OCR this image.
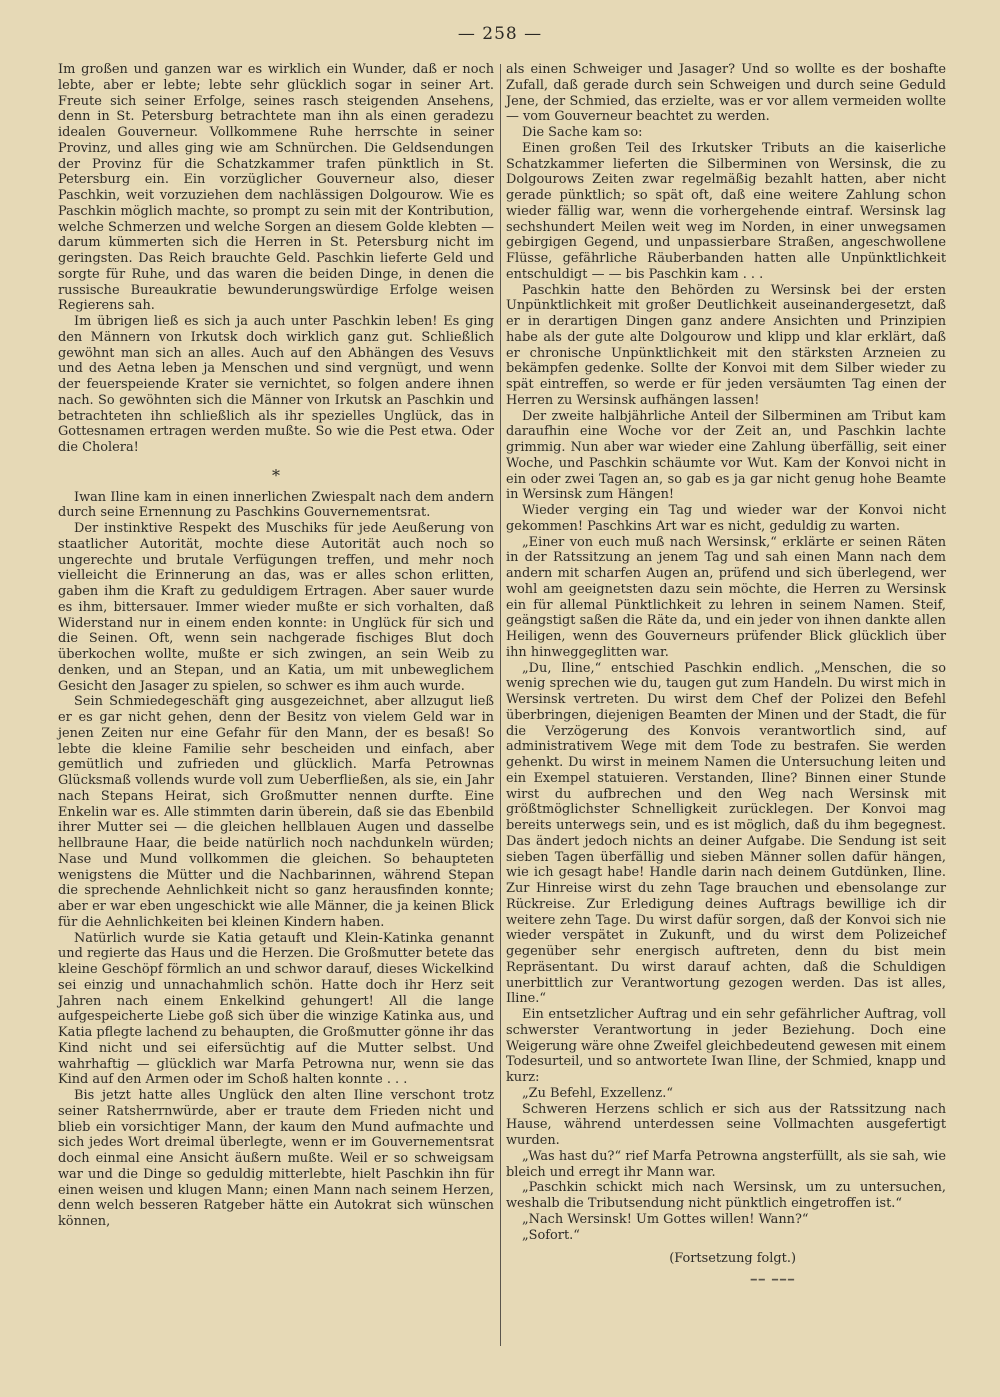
— 258 —

Im großen und ganzen war es wirklich ein Wunder, daß er noch lebte, aber er lebte; lebte sehr glücklich sogar in seiner Art. Freute sich seiner Erfolge, seines rasch steigenden Ansehens, denn in St. Petersburg betrachtete man ihn als einen geradezu idealen Gouverneur. Vollkommene Ruhe herrschte in seiner Provinz, und alles ging wie am Schnürchen. Die Geldsendungen der Provinz für die Schatzkammer trafen pünktlich in St. Petersburg ein. Ein vorzüglicher Gouverneur also, dieser Paschkin, weit vorzuziehen dem nachlässigen Dolgourow. Wie es Paschkin möglich machte, so prompt zu sein mit der Kontribution, welche Schmerzen und welche Sorgen an diesem Golde klebten — darum kümmerten sich die Herren in St. Petersburg nicht im geringsten. Das Reich brauchte Geld. Paschkin lieferte Geld und sorgte für Ruhe, und das waren die beiden Dinge, in denen die russische Bureaukratie bewunderungswürdige Erfolge weisen Regierens sah.

Im übrigen ließ es sich ja auch unter Paschkin leben! Es ging den Männern von Irkutsk doch wirklich ganz gut. Schließlich gewöhnt man sich an alles. Auch auf den Abhängen des Vesuvs und des Aetna leben ja Menschen und sind vergnügt, und wenn der feuerspeiende Krater sie vernichtet, so folgen andere ihnen nach. So gewöhnten sich die Männer von Irkutsk an Paschkin und betrachteten ihn schließlich als ihr spezielles Unglück, das in Gottesnamen ertragen werden mußte. So wie die Pest etwa. Oder die Cholera!

*

Iwan Iline kam in einen innerlichen Zwiespalt nach dem andern durch seine Ernennung zu Paschkins Gouvernementsrat.

Der instinktive Respekt des Muschiks für jede Aeußerung von staatlicher Autorität, mochte diese Autorität auch noch so ungerechte und brutale Verfügungen treffen, und mehr noch vielleicht die Erinnerung an das, was er alles schon erlitten, gaben ihm die Kraft zu geduldigem Ertragen. Aber sauer wurde es ihm, bittersauer. Immer wieder mußte er sich vorhalten, daß Widerstand nur in einem enden konnte: in Unglück für sich und die Seinen. Oft, wenn sein nachgerade fischiges Blut doch überkochen wollte, mußte er sich zwingen, an sein Weib zu denken, und an Stepan, und an Katia, um mit unbeweglichem Gesicht den Jasager zu spielen, so schwer es ihm auch wurde.

Sein Schmiedegeschäft ging ausgezeichnet, aber allzugut ließ er es gar nicht gehen, denn der Besitz von vielem Geld war in jenen Zeiten nur eine Gefahr für den Mann, der es besaß! So lebte die kleine Familie sehr bescheiden und einfach, aber gemütlich und zufrieden und glücklich. Marfa Petrownas Glücksmaß vollends wurde voll zum Ueberfließen, als sie, ein Jahr nach Stepans Heirat, sich Großmutter nennen durfte. Eine Enkelin war es. Alle stimmten darin überein, daß sie das Ebenbild ihrer Mutter sei — die gleichen hellblauen Augen und dasselbe hellbraune Haar, die beide natürlich noch nachdunkeln würden; Nase und Mund vollkommen die gleichen. So behaupteten wenigstens die Mütter und die Nachbarinnen, während Stepan die sprechende Aehnlichkeit nicht so ganz herausfinden konnte; aber er war eben ungeschickt wie alle Männer, die ja keinen Blick für die Aehnlichkeiten bei kleinen Kindern haben.

Natürlich wurde sie Katia getauft und Klein-Katinka genannt und regierte das Haus und die Herzen. Die Großmutter betete das kleine Geschöpf förmlich an und schwor darauf, dieses Wickelkind sei einzig und unnachahmlich schön. Hatte doch ihr Herz seit Jahren nach einem Enkelkind gehungert! All die lange aufgespeicherte Liebe goß sich über die winzige Katinka aus, und Katia pflegte lachend zu behaupten, die Großmutter gönne ihr das Kind nicht und sei eifersüchtig auf die Mutter selbst. Und wahrhaftig — glücklich war Marfa Petrowna nur, wenn sie das Kind auf den Armen oder im Schoß halten konnte . . .

Bis jetzt hatte alles Unglück den alten Iline verschont trotz seiner Ratsherrnwürde, aber er traute dem Frieden nicht und blieb ein vorsichtiger Mann, der kaum den Mund aufmachte und sich jedes Wort dreimal überlegte, wenn er im Gouvernementsrat doch einmal eine Ansicht äußern mußte. Weil er so schweigsam war und die Dinge so geduldig mitterlebte, hielt Paschkin ihn für einen weisen und klugen Mann; einen Mann nach seinem Herzen, denn welch besseren Ratgeber hätte ein Autokrat sich wünschen können,

als einen Schweiger und Jasager? Und so wollte es der boshafte Zufall, daß gerade durch sein Schweigen und durch seine Geduld Jene, der Schmied, das erzielte, was er vor allem vermeiden wollte — vom Gouverneur beachtet zu werden.

Die Sache kam so:

Einen großen Teil des Irkutsker Tributs an die kaiserliche Schatzkammer lieferten die Silberminen von Wersinsk, die zu Dolgourows Zeiten zwar regelmäßig bezahlt hatten, aber nicht gerade pünktlich; so spät oft, daß eine weitere Zahlung schon wieder fällig war, wenn die vorhergehende eintraf. Wersinsk lag sechshundert Meilen weit weg im Norden, in einer unwegsamen gebirgigen Gegend, und unpassierbare Straßen, angeschwollene Flüsse, gefährliche Räuberbanden hatten alle Unpünktlichkeit entschuldigt — — bis Paschkin kam . . .

Paschkin hatte den Behörden zu Wersinsk bei der ersten Unpünktlichkeit mit großer Deutlichkeit auseinandergesetzt, daß er in derartigen Dingen ganz andere Ansichten und Prinzipien habe als der gute alte Dolgourow und klipp und klar erklärt, daß er chronische Unpünktlichkeit mit den stärksten Arzneien zu bekämpfen gedenke. Sollte der Konvoi mit dem Silber wieder zu spät eintreffen, so werde er für jeden versäumten Tag einen der Herren zu Wersinsk aufhängen lassen!

Der zweite halbjährliche Anteil der Silberminen am Tribut kam daraufhin eine Woche vor der Zeit an, und Paschkin lachte grimmig. Nun aber war wieder eine Zahlung überfällig, seit einer Woche, und Paschkin schäumte vor Wut. Kam der Konvoi nicht in ein oder zwei Tagen an, so gab es ja gar nicht genug hohe Beamte in Wersinsk zum Hängen!

Wieder verging ein Tag und wieder war der Konvoi nicht gekommen! Paschkins Art war es nicht, geduldig zu warten.

„Einer von euch muß nach Wersinsk,“ erklärte er seinen Räten in der Ratssitzung an jenem Tag und sah einen Mann nach dem andern mit scharfen Augen an, prüfend und sich überlegend, wer wohl am geeignetsten dazu sein möchte, die Herren zu Wersinsk ein für allemal Pünktlichkeit zu lehren in seinem Namen. Steif, geängstigt saßen die Räte da, und ein jeder von ihnen dankte allen Heiligen, wenn des Gouverneurs prüfender Blick glücklich über ihn hinweggeglitten war.

„Du, Iline,“ entschied Paschkin endlich. „Menschen, die so wenig sprechen wie du, taugen gut zum Handeln. Du wirst mich in Wersinsk vertreten. Du wirst dem Chef der Polizei den Befehl überbringen, diejenigen Beamten der Minen und der Stadt, die für die Verzögerung des Konvois verantwortlich sind, auf administrativem Wege mit dem Tode zu bestrafen. Sie werden gehenkt. Du wirst in meinem Namen die Untersuchung leiten und ein Exempel statuieren. Verstanden, Iline? Binnen einer Stunde wirst du aufbrechen und den Weg nach Wersinsk mit größtmöglichster Schnelligkeit zurücklegen. Der Konvoi mag bereits unterwegs sein, und es ist möglich, daß du ihm begegnest. Das ändert jedoch nichts an deiner Aufgabe. Die Sendung ist seit sieben Tagen überfällig und sieben Männer sollen dafür hängen, wie ich gesagt habe! Handle darin nach deinem Gutdünken, Iline. Zur Hinreise wirst du zehn Tage brauchen und ebensolange zur Rückreise. Zur Erledigung deines Auftrags bewillige ich dir weitere zehn Tage. Du wirst dafür sorgen, daß der Konvoi sich nie wieder verspätet in Zukunft, und du wirst dem Polizeichef gegenüber sehr energisch auftreten, denn du bist mein Repräsentant. Du wirst darauf achten, daß die Schuldigen unerbittlich zur Verantwortung gezogen werden. Das ist alles, Iline.“

Ein entsetzlicher Auftrag und ein sehr gefährlicher Auftrag, voll schwerster Verantwortung in jeder Beziehung. Doch eine Weigerung wäre ohne Zweifel gleichbedeutend gewesen mit einem Todesurteil, und so antwortete Iwan Iline, der Schmied, knapp und kurz:

„Zu Befehl, Exzellenz.“

Schweren Herzens schlich er sich aus der Ratssitzung nach Hause, während unterdessen seine Vollmachten ausgefertigt wurden.

„Was hast du?“ rief Marfa Petrowna angsterfüllt, als sie sah, wie bleich und erregt ihr Mann war.

„Paschkin schickt mich nach Wersinsk, um zu untersuchen, weshalb die Tributsendung nicht pünktlich eingetroffen ist.“

„Nach Wersinsk! Um Gottes willen! Wann?“

„Sofort.“

(Fortsetzung folgt.)
━━ ━━━
